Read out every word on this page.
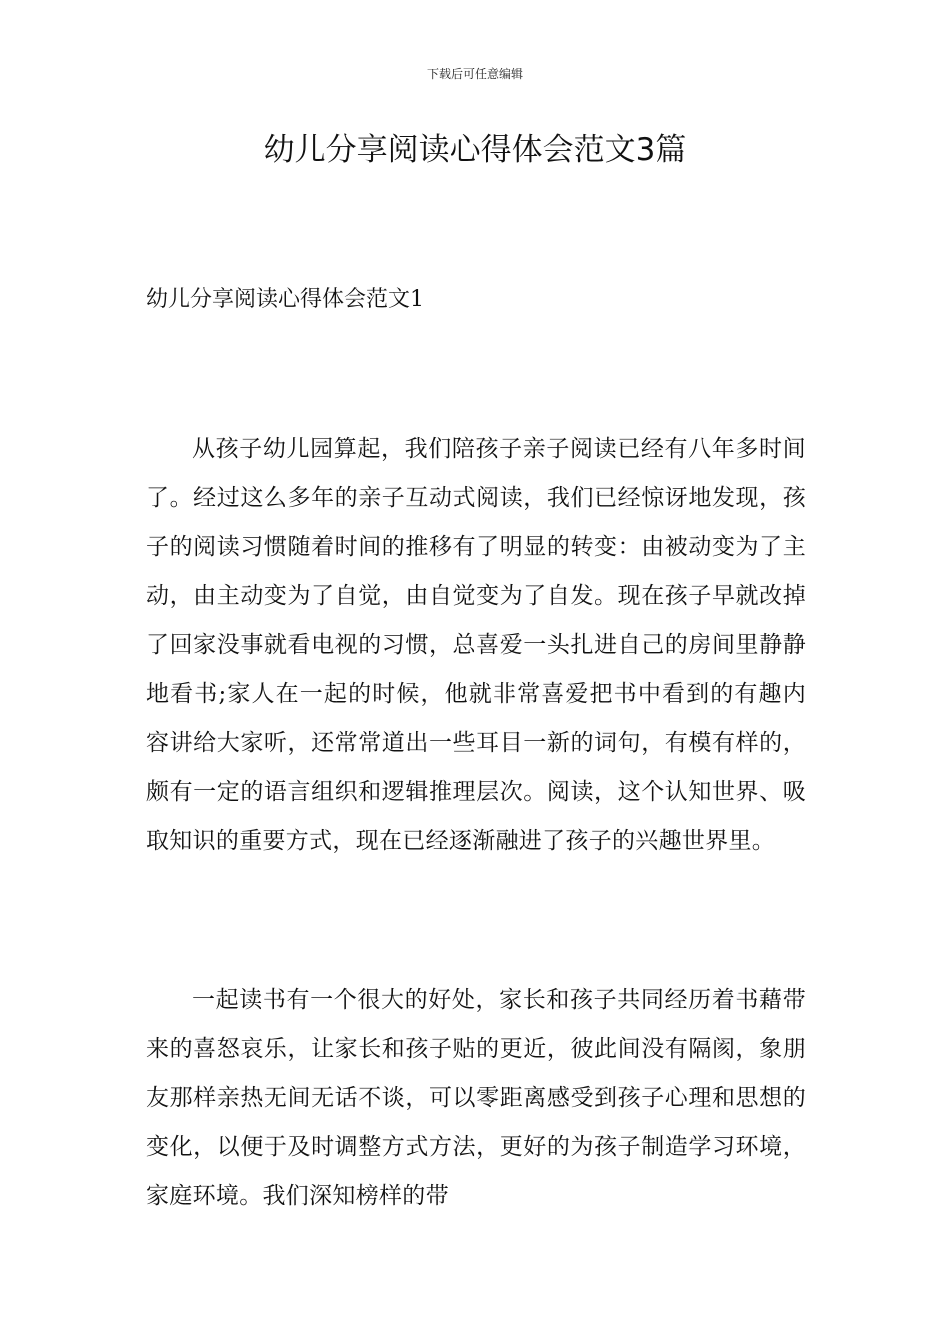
下载后可任意编辑
幼儿分享阅读心得体会范文3篇
幼儿分享阅读心得体会范文1

从孩子幼儿园算起，我们陪孩子亲子阅读已经有八年多时间了。经过这么多年的亲子互动式阅读，我们已经惊讶地发现，孩子的阅读习惯随着时间的推移有了明显的转变：由被动变为了主动，由主动变为了自觉，由自觉变为了自发。现在孩子早就改掉了回家没事就看电视的习惯，总喜爱一头扎进自己的房间里静静地看书;家人在一起的时候，他就非常喜爱把书中看到的有趣内容讲给大家听，还常常道出一些耳目一新的词句，有模有样的，颇有一定的语言组织和逻辑推理层次。阅读，这个认知世界、吸取知识的重要方式，现在已经逐渐融进了孩子的兴趣世界里。

一起读书有一个很大的好处，家长和孩子共同经历着书藉带来的喜怒哀乐，让家长和孩子贴的更近，彼此间没有隔阂，象朋友那样亲热无间无话不谈，可以零距离感受到孩子心理和思想的变化，以便于及时调整方式方法，更好的为孩子制造学习环境，家庭环境。我们深知榜样的带
